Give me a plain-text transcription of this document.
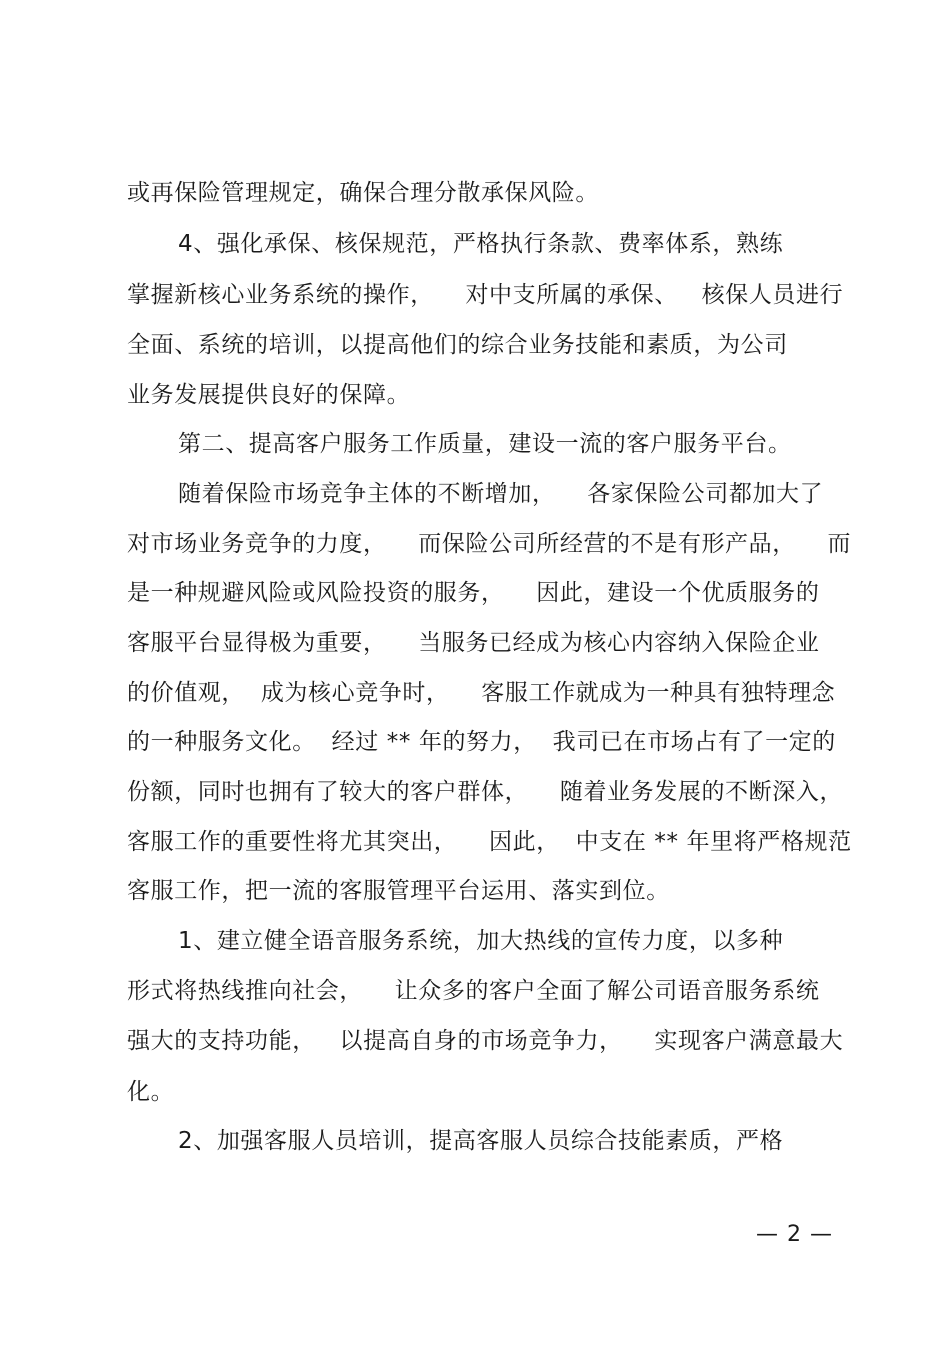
或再保险管理规定，确保合理分散承保风险。
4、强化承保、核保规范，严格执行条款、费率体系，熟练
掌握新核心业务系统的操作，    对中支所属的承保、   核保人员进行
全面、系统的培训，以提高他们的综合业务技能和素质，为公司
业务发展提供良好的保障。
第二、提高客户服务工作质量，建设一流的客户服务平台。
随着保险市场竞争主体的不断增加，    各家保险公司都加大了
对市场业务竞争的力度，    而保险公司所经营的不是有形产品，    而
是一种规避风险或风险投资的服务，    因此，建设一个优质服务的
客服平台显得极为重要，    当服务已经成为核心内容纳入保险企业
的价值观，  成为核心竞争时，    客服工作就成为一种具有独特理念
的一种服务文化。  经过 ** 年的努力，  我司已在市场占有了一定的
份额，同时也拥有了较大的客户群体，    随着业务发展的不断深入，
客服工作的重要性将尤其突出，    因此，  中支在 ** 年里将严格规范
客服工作，把一流的客服管理平台运用、落实到位。
1、建立健全语音服务系统，加大热线的宣传力度，以多种
形式将热线推向社会，    让众多的客户全面了解公司语音服务系统
强大的支持功能，   以提高自身的市场竞争力，    实现客户满意最大
化。
2、加强客服人员培训，提高客服人员综合技能素质，严格
— 2 —
